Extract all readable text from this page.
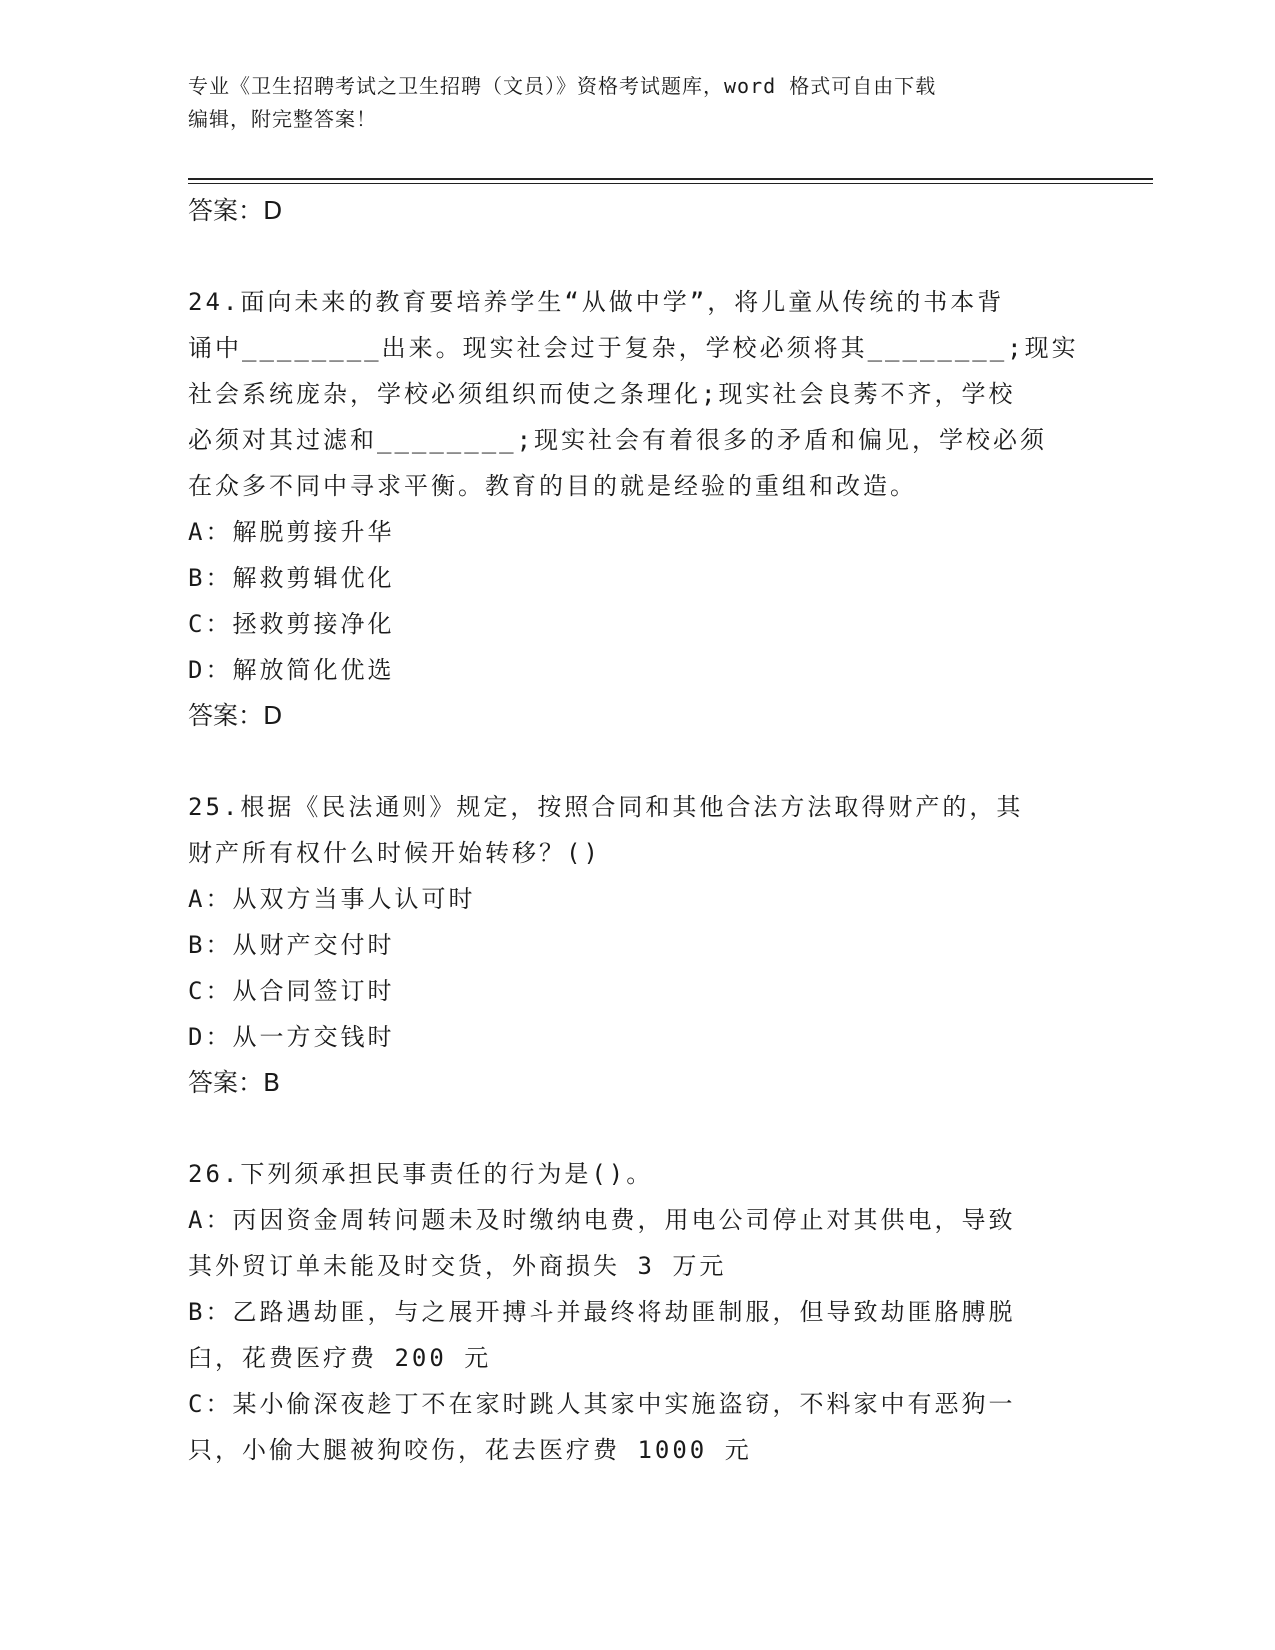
专业《卫生招聘考试之卫生招聘（文员）》资格考试题库，word 格式可自由下载
编辑，附完整答案！
答案：D
24.面向未来的教育要培养学生“从做中学”，将儿童从传统的书本背
诵中________出来。现实社会过于复杂，学校必须将其________;现实
社会系统庞杂，学校必须组织而使之条理化;现实社会良莠不齐，学校
必须对其过滤和________;现实社会有着很多的矛盾和偏见，学校必须
在众多不同中寻求平衡。教育的目的就是经验的重组和改造。
A：解脱剪接升华
B：解救剪辑优化
C：拯救剪接净化
D：解放简化优选
答案：D
25.根据《民法通则》规定，按照合同和其他合法方法取得财产的，其
财产所有权什么时候开始转移？()
A：从双方当事人认可时
B：从财产交付时
C：从合同签订时
D：从一方交钱时
答案：B
26.下列须承担民事责任的行为是()。
A：丙因资金周转问题未及时缴纳电费，用电公司停止对其供电，导致
其外贸订单未能及时交货，外商损失 3 万元
B：乙路遇劫匪，与之展开搏斗并最终将劫匪制服，但导致劫匪胳膊脱
臼，花费医疗费 200 元
C：某小偷深夜趁丁不在家时跳人其家中实施盗窃，不料家中有恶狗一
只，小偷大腿被狗咬伤，花去医疗费 1000 元
